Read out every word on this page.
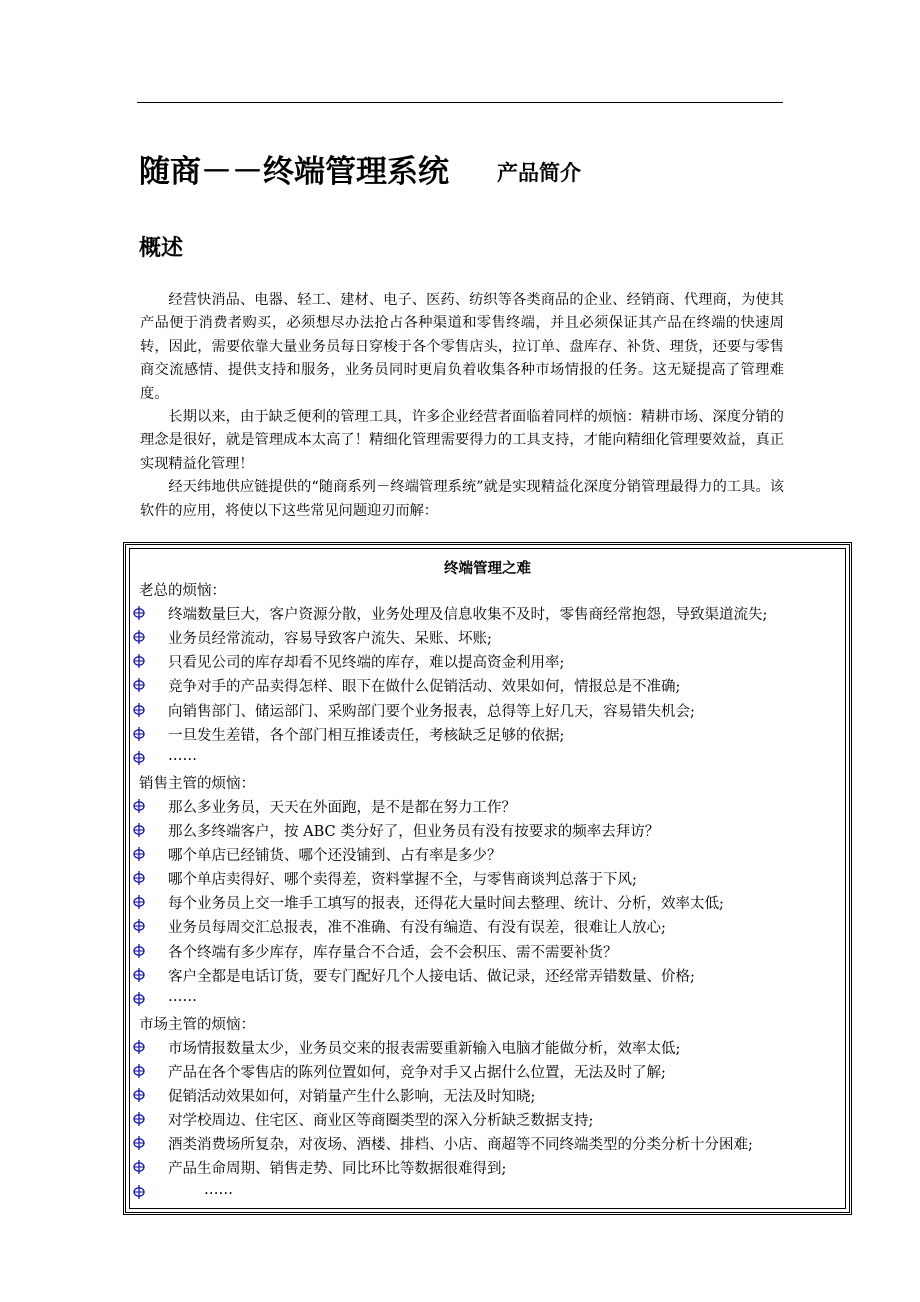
随商－－终端管理系统 产品简介
概述

经营快消品、电器、轻工、建材、电子、医药、纺织等各类商品的企业、经销商、代理商，为使其产品便于消费者购买，必须想尽办法抢占各种渠道和零售终端，并且必须保证其产品在终端的快速周转，因此，需要依靠大量业务员每日穿梭于各个零售店头，拉订单、盘库存、补货、理货，还要与零售商交流感情、提供支持和服务，业务员同时更肩负着收集各种市场情报的任务。这无疑提高了管理难度。

长期以来，由于缺乏便利的管理工具，许多企业经营者面临着同样的烦恼：精耕市场、深度分销的理念是很好，就是管理成本太高了！精细化管理需要得力的工具支持，才能向精细化管理要效益，真正实现精益化管理！

经天纬地供应链提供的“随商系列－终端管理系统”就是实现精益化深度分销管理最得力的工具。该软件的应用，将使以下这些常见问题迎刃而解：

终端管理之难
老总的烦恼：
终端数量巨大，客户资源分散，业务处理及信息收集不及时，零售商经常抱怨，导致渠道流失;
业务员经常流动，容易导致客户流失、呆账、坏账;
只看见公司的库存却看不见终端的库存，难以提高资金利用率;
竞争对手的产品卖得怎样、眼下在做什么促销活动、效果如何，情报总是不准确;
向销售部门、储运部门、采购部门要个业务报表，总得等上好几天，容易错失机会;
一旦发生差错，各个部门相互推诿责任，考核缺乏足够的依据;
……
销售主管的烦恼：
那么多业务员，天天在外面跑，是不是都在努力工作？
那么多终端客户，按 ABC 类分好了，但业务员有没有按要求的频率去拜访？
哪个单店已经铺货、哪个还没铺到、占有率是多少？
哪个单店卖得好、哪个卖得差，资料掌握不全，与零售商谈判总落于下风;
每个业务员上交一堆手工填写的报表，还得花大量时间去整理、统计、分析，效率太低;
业务员每周交汇总报表，准不准确、有没有编造、有没有误差，很难让人放心;
各个终端有多少库存，库存量合不合适，会不会积压、需不需要补货？
客户全都是电话订货，要专门配好几个人接电话、做记录，还经常弄错数量、价格;
……
市场主管的烦恼：
市场情报数量太少，业务员交来的报表需要重新输入电脑才能做分析，效率太低;
产品在各个零售店的陈列位置如何，竞争对手又占据什么位置，无法及时了解;
促销活动效果如何，对销量产生什么影响，无法及时知晓;
对学校周边、住宅区、商业区等商圈类型的深入分析缺乏数据支持;
酒类消费场所复杂，对夜场、酒楼、排档、小店、商超等不同终端类型的分类分析十分困难;
产品生命周期、销售走势、同比环比等数据很难得到;
……
